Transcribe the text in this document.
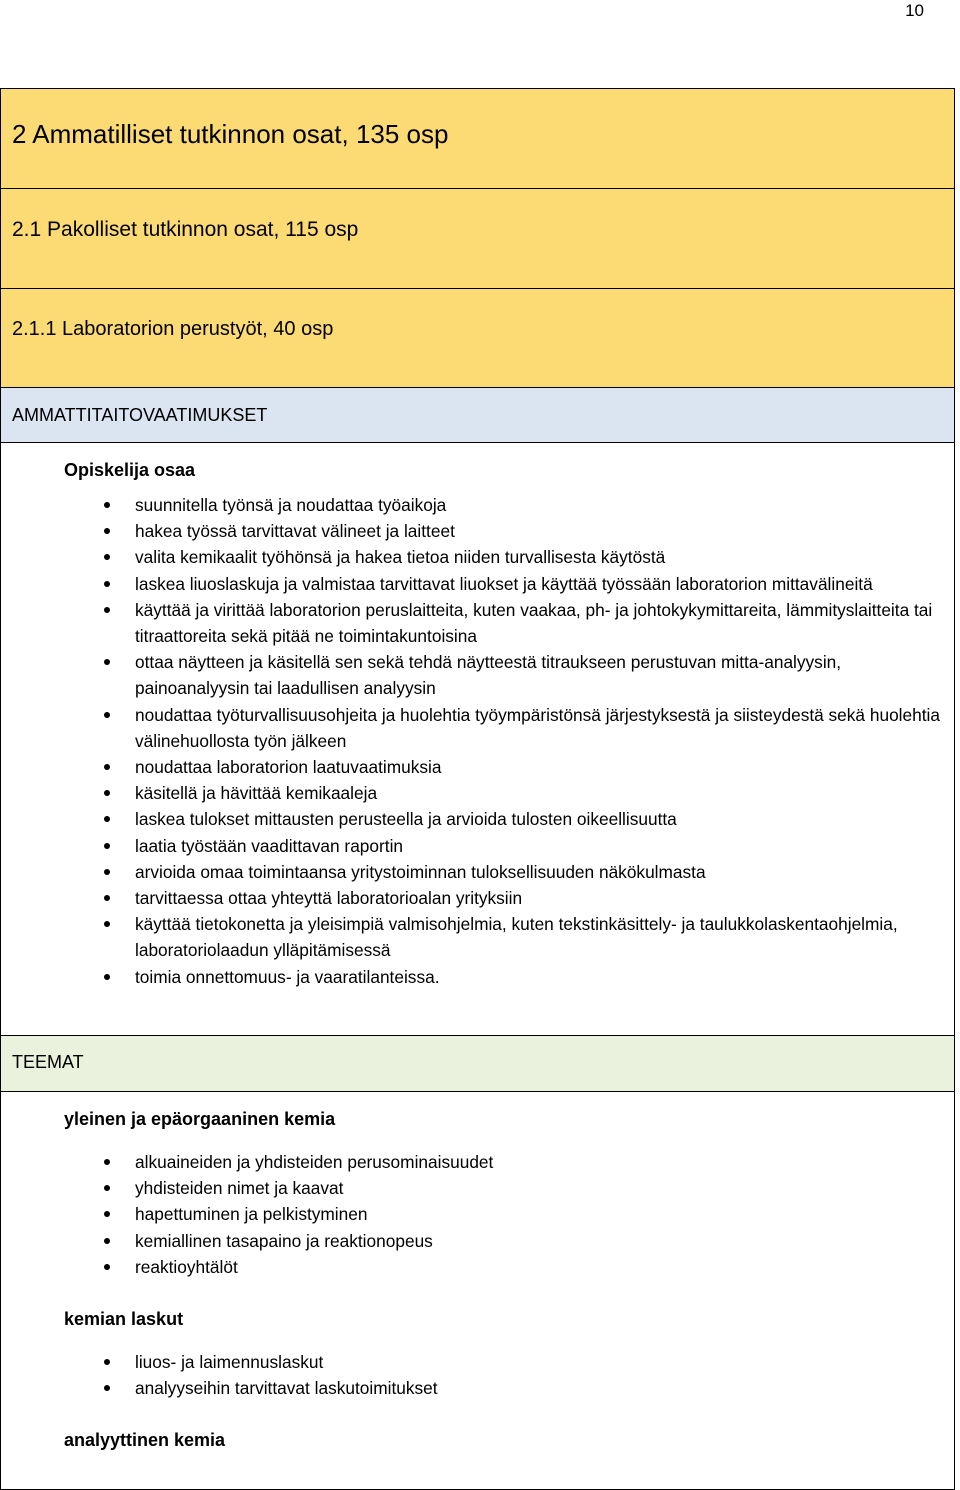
10
2 Ammatilliset tutkinnon osat, 135 osp
2.1 Pakolliset tutkinnon osat, 115 osp
2.1.1 Laboratorion perustyöt, 40 osp
AMMATTITAITOVAATIMUKSET
Opiskelija osaa
suunnitella työnsä ja noudattaa työaikoja
hakea työssä tarvittavat välineet ja laitteet
valita kemikaalit työhönsä ja hakea tietoa niiden turvallisesta käytöstä
laskea liuoslaskuja ja valmistaa tarvittavat liuokset ja käyttää työssään laboratorion mittavälineitä
käyttää ja virittää laboratorion peruslaitteita, kuten vaakaa, ph- ja johtokykymittareita, lämmityslaitteita tai titraattoreita sekä pitää ne toimintakuntoisina
ottaa näytteen ja käsitellä sen sekä tehdä näytteestä titraukseen perustuvan mitta-analyysin, painoanalyysin tai laadullisen analyysin
noudattaa työturvallisuusohjeita ja huolehtia työympäristönsä järjestyksestä ja siisteydestä sekä huolehtia välinehuollosta työn jälkeen
noudattaa laboratorion laatuvaatimuksia
käsitellä ja hävittää kemikaaleja
laskea tulokset mittausten perusteella ja arvioida tulosten oikeellisuutta
laatia työstään vaadittavan raportin
arvioida omaa toimintaansa yritystoiminnan tuloksellisuuden näkökulmasta
tarvittaessa ottaa yhteyttä laboratorioalan yrityksiin
käyttää tietokonetta ja yleisimpiä valmisohjelmia, kuten tekstinkäsittely- ja taulukkolaskentaohjelmia, laboratoriolaadun ylläpitämisessä
toimia onnettomuus- ja vaaratilanteissa.
TEEMAT
yleinen ja epäorgaaninen kemia
alkuaineiden ja yhdisteiden perusominaisuudet
yhdisteiden nimet ja kaavat
hapettuminen ja pelkistyminen
kemiallinen tasapaino ja reaktionopeus
reaktioyhtälöt
kemian laskut
liuos- ja laimennuslaskut
analyyseihin tarvittavat laskutoimitukset
analyyttinen kemia
